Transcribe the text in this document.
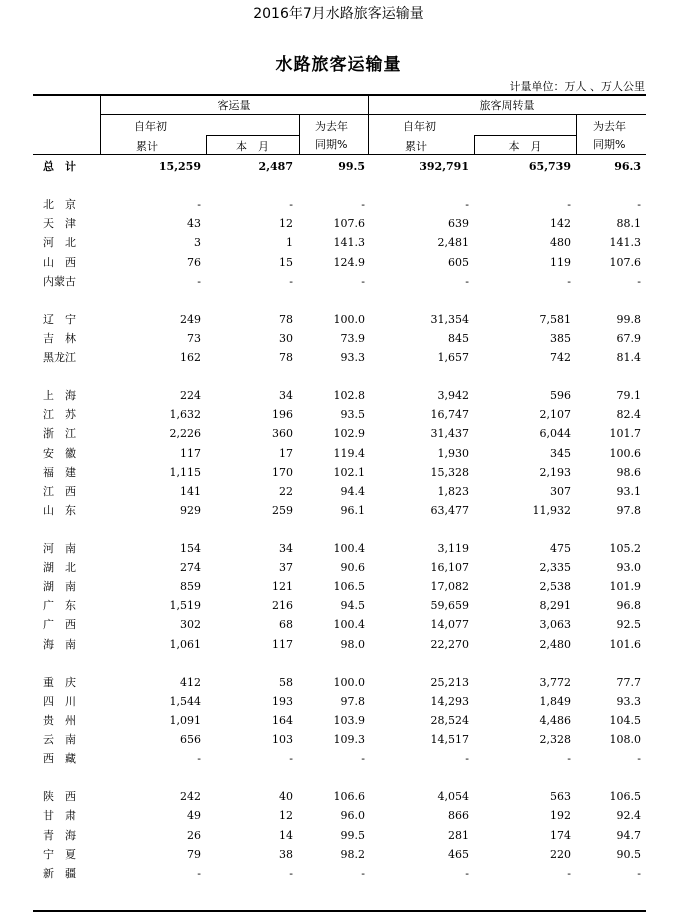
2016年7月水路旅客运输量
水路旅客运输量
计量单位：万人 、万人公里
客运量	旅客周转量
自年初
累计	本　月
为去年
同期%
自年初
累计	本　月
为去年
同期%
总　计	15,259	2,487	99.5	392,791	65,739	96.3
北　京	-	-	-	-	-	-
天　津	43	12	107.6	639	142	88.1
河　北	3	1	141.3	2,481	480	141.3
山　西	76	15	124.9	605	119	107.6
内蒙古	-	-	-	-	-	-
辽　宁	249	78	100.0	31,354	7,581	99.8
吉　林	73	30	73.9	845	385	67.9
黑龙江	162	78	93.3	1,657	742	81.4
上　海	224	34	102.8	3,942	596	79.1
江　苏	1,632	196	93.5	16,747	2,107	82.4
浙　江	2,226	360	102.9	31,437	6,044	101.7
安　徽	117	17	119.4	1,930	345	100.6
福　建	1,115	170	102.1	15,328	2,193	98.6
江　西	141	22	94.4	1,823	307	93.1
山　东	929	259	96.1	63,477	11,932	97.8
河　南	154	34	100.4	3,119	475	105.2
湖　北	274	37	90.6	16,107	2,335	93.0
湖　南	859	121	106.5	17,082	2,538	101.9
广　东	1,519	216	94.5	59,659	8,291	96.8
广　西	302	68	100.4	14,077	3,063	92.5
海　南	1,061	117	98.0	22,270	2,480	101.6
重　庆	412	58	100.0	25,213	3,772	77.7
四　川	1,544	193	97.8	14,293	1,849	93.3
贵　州	1,091	164	103.9	28,524	4,486	104.5
云　南	656	103	109.3	14,517	2,328	108.0
西　藏	-	-	-	-	-	-
陕　西	242	40	106.6	4,054	563	106.5
甘　肃	49	12	96.0	866	192	92.4
青　海	26	14	99.5	281	174	94.7
宁　夏	79	38	98.2	465	220	90.5
新　疆	-	-	-	-	-	-
